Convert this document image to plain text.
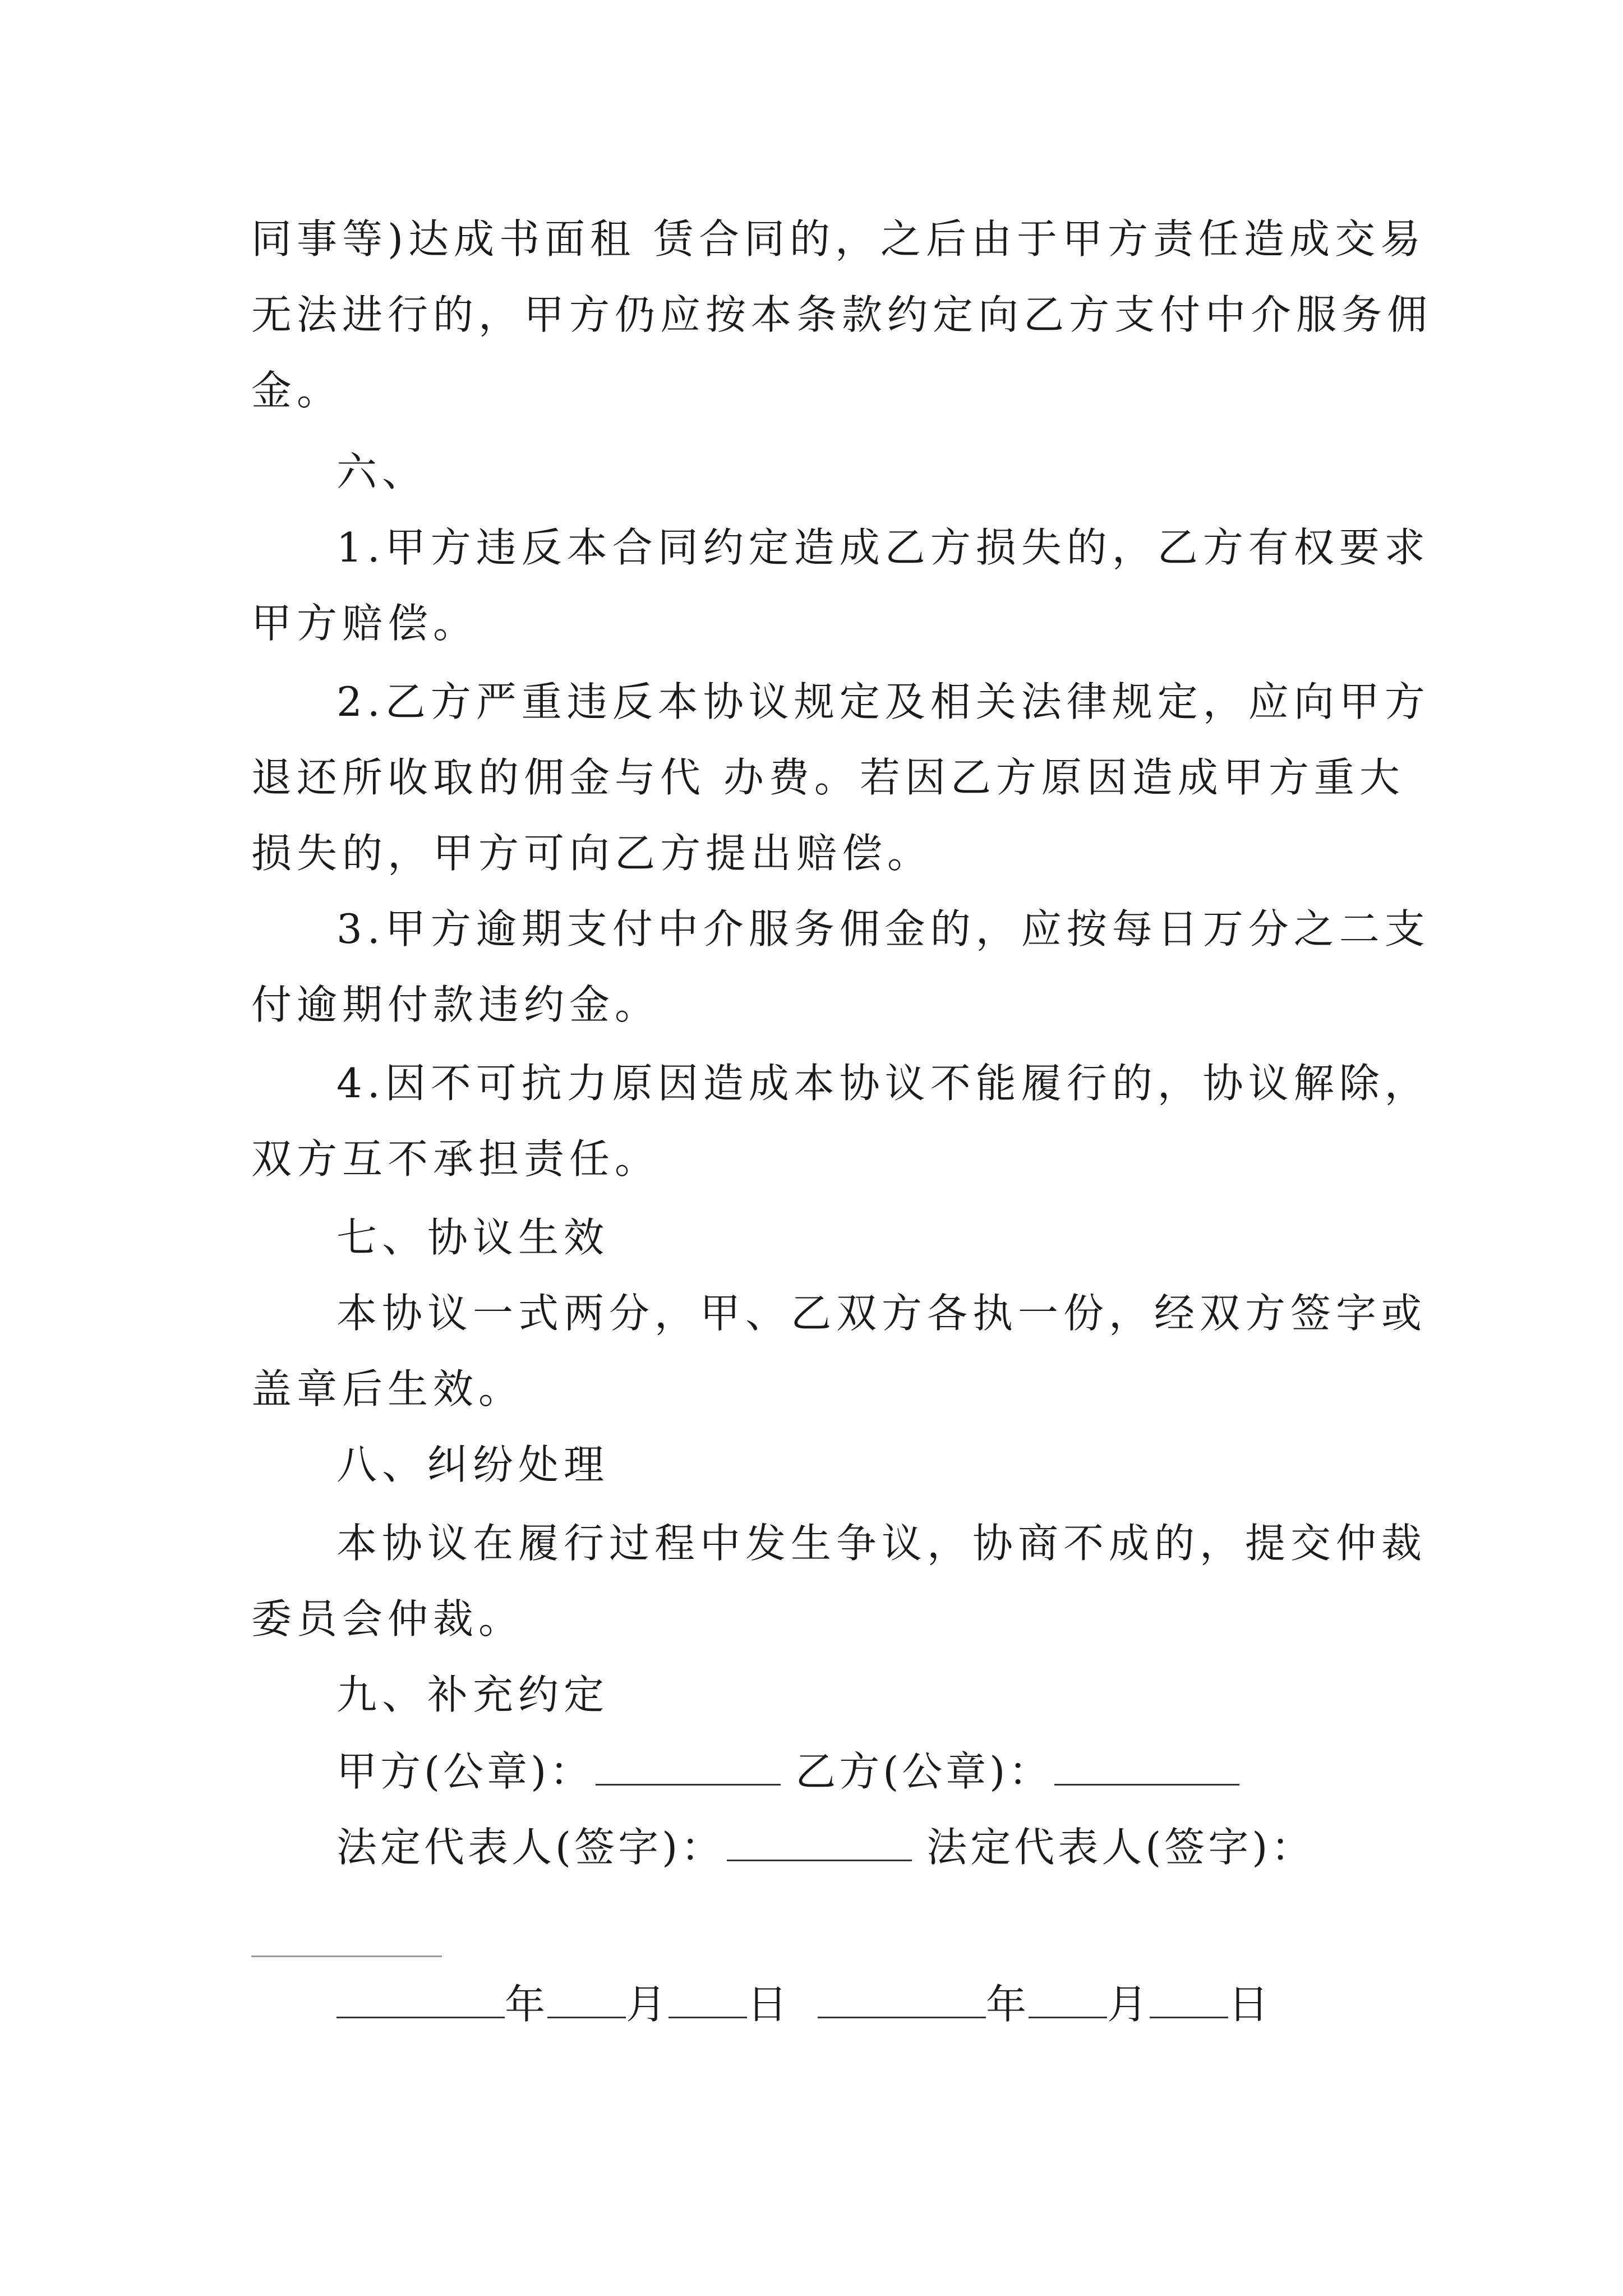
同事等)达成书面租 赁合同的，之后由于甲方责任造成交易
无法进行的，甲方仍应按本条款约定向乙方支付中介服务佣
金。
六、
1.甲方违反本合同约定造成乙方损失的，乙方有权要求
甲方赔偿。
2.乙方严重违反本协议规定及相关法律规定，应向甲方
退还所收取的佣金与代 办费。若因乙方原因造成甲方重大
损失的，甲方可向乙方提出赔偿。
3.甲方逾期支付中介服务佣金的，应按每日万分之二支
付逾期付款违约金。
4.因不可抗力原因造成本协议不能履行的，协议解除，
双方互不承担责任。
七、协议生效
本协议一式两分，甲、乙双方各执一份，经双方签字或
盖章后生效。
八、纠纷处理
本协议在履行过程中发生争议，协商不成的，提交仲裁
委员会仲裁。
九、补充约定
甲方(公章)：	乙方(公章)：
法定代表人(签字)：	法定代表人(签字)：
年 月 日	年 月 日
